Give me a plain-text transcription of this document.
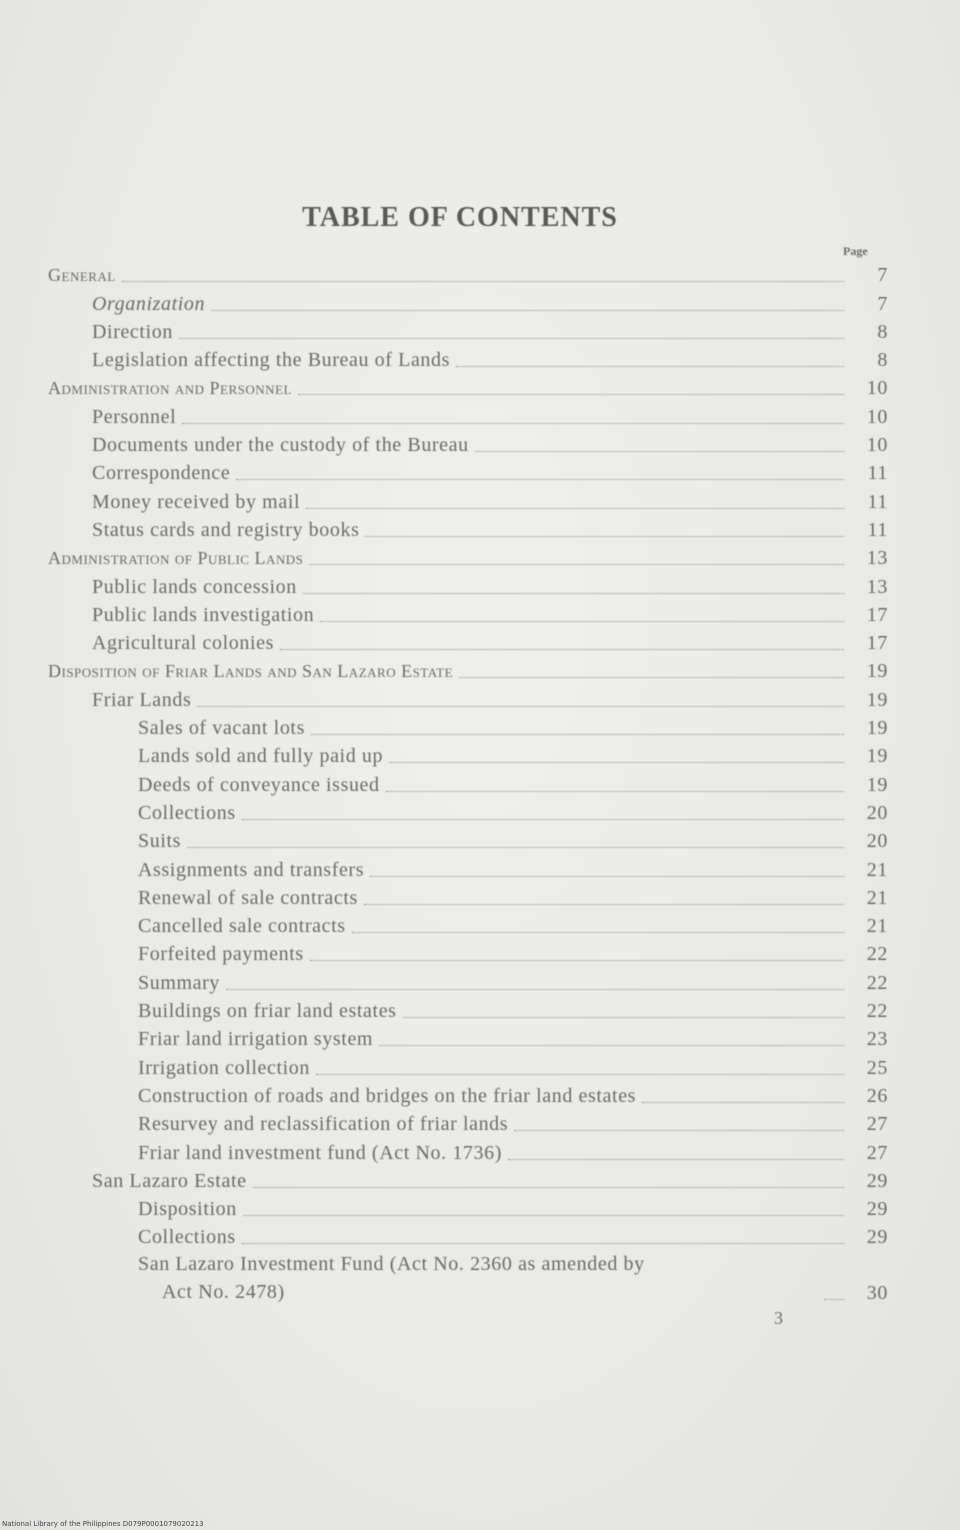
TABLE OF CONTENTS
Page
General	7
Organization	7
Direction	8
Legislation affecting the Bureau of Lands	8
Administration and Personnel	10
Personnel	10
Documents under the custody of the Bureau	10
Correspondence	11
Money received by mail	11
Status cards and registry books	11
Administration of Public Lands	13
Public lands concession	13
Public lands investigation	17
Agricultural colonies	17
Disposition of Friar Lands and San Lazaro Estate	19
Friar Lands	19
Sales of vacant lots	19
Lands sold and fully paid up	19
Deeds of conveyance issued	19
Collections	20
Suits	20
Assignments and transfers	21
Renewal of sale contracts	21
Cancelled sale contracts	21
Forfeited payments	22
Summary	22
Buildings on friar land estates	22
Friar land irrigation system	23
Irrigation collection	25
Construction of roads and bridges on the friar land estates	26
Resurvey and reclassification of friar lands	27
Friar land investment fund (Act No. 1736)	27
San Lazaro Estate	29
Disposition	29
Collections	29
San Lazaro Investment Fund (Act No. 2360 as amended by
Act No. 2478)	30
3
National Library of the Philippines D079P0001079020213
